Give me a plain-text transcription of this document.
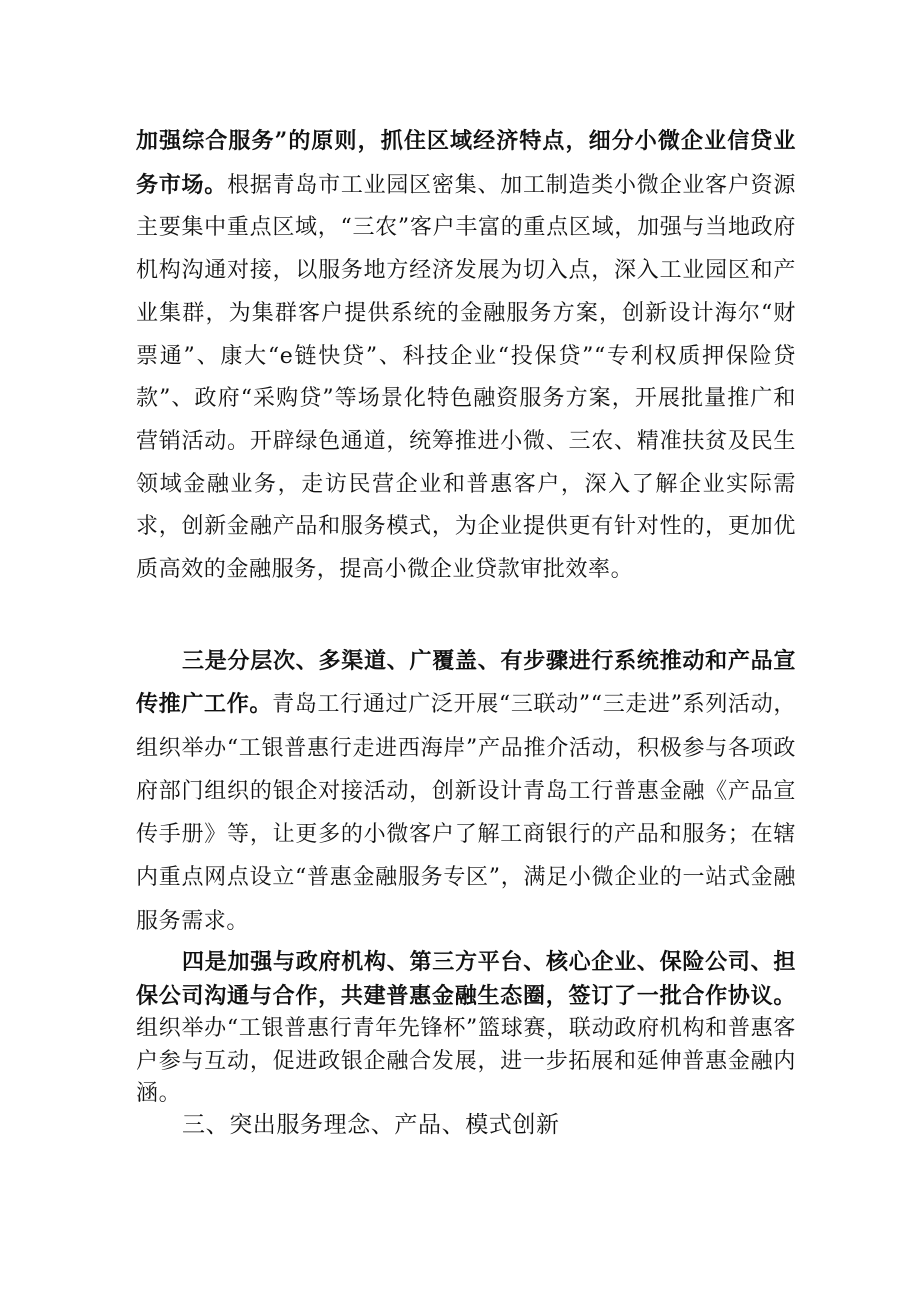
加强综合服务”的原则，抓住区域经济特点，细分小微企业信贷业务市场。根据青岛市工业园区密集、加工制造类小微企业客户资源主要集中重点区域，“三农”客户丰富的重点区域，加强与当地政府机构沟通对接，以服务地方经济发展为切入点，深入工业园区和产业集群，为集群客户提供系统的金融服务方案，创新设计海尔“财票通”、康大“e链快贷”、科技企业“投保贷”“专利权质押保险贷款”、政府“采购贷”等场景化特色融资服务方案，开展批量推广和营销活动。开辟绿色通道，统筹推进小微、三农、精准扶贫及民生领域金融业务，走访民营企业和普惠客户，深入了解企业实际需求，创新金融产品和服务模式，为企业提供更有针对性的，更加优质高效的金融服务，提高小微企业贷款审批效率。

三是分层次、多渠道、广覆盖、有步骤进行系统推动和产品宣传推广工作。青岛工行通过广泛开展“三联动”“三走进”系列活动，组织举办“工银普惠行走进西海岸”产品推介活动，积极参与各项政府部门组织的银企对接活动，创新设计青岛工行普惠金融《产品宣传手册》等，让更多的小微客户了解工商银行的产品和服务；在辖内重点网点设立“普惠金融服务专区”，满足小微企业的一站式金融服务需求。

四是加强与政府机构、第三方平台、核心企业、保险公司、担保公司沟通与合作，共建普惠金融生态圈，签订了一批合作协议。组织举办“工银普惠行青年先锋杯”篮球赛，联动政府机构和普惠客户参与互动，促进政银企融合发展，进一步拓展和延伸普惠金融内涵。

三、突出服务理念、产品、模式创新
